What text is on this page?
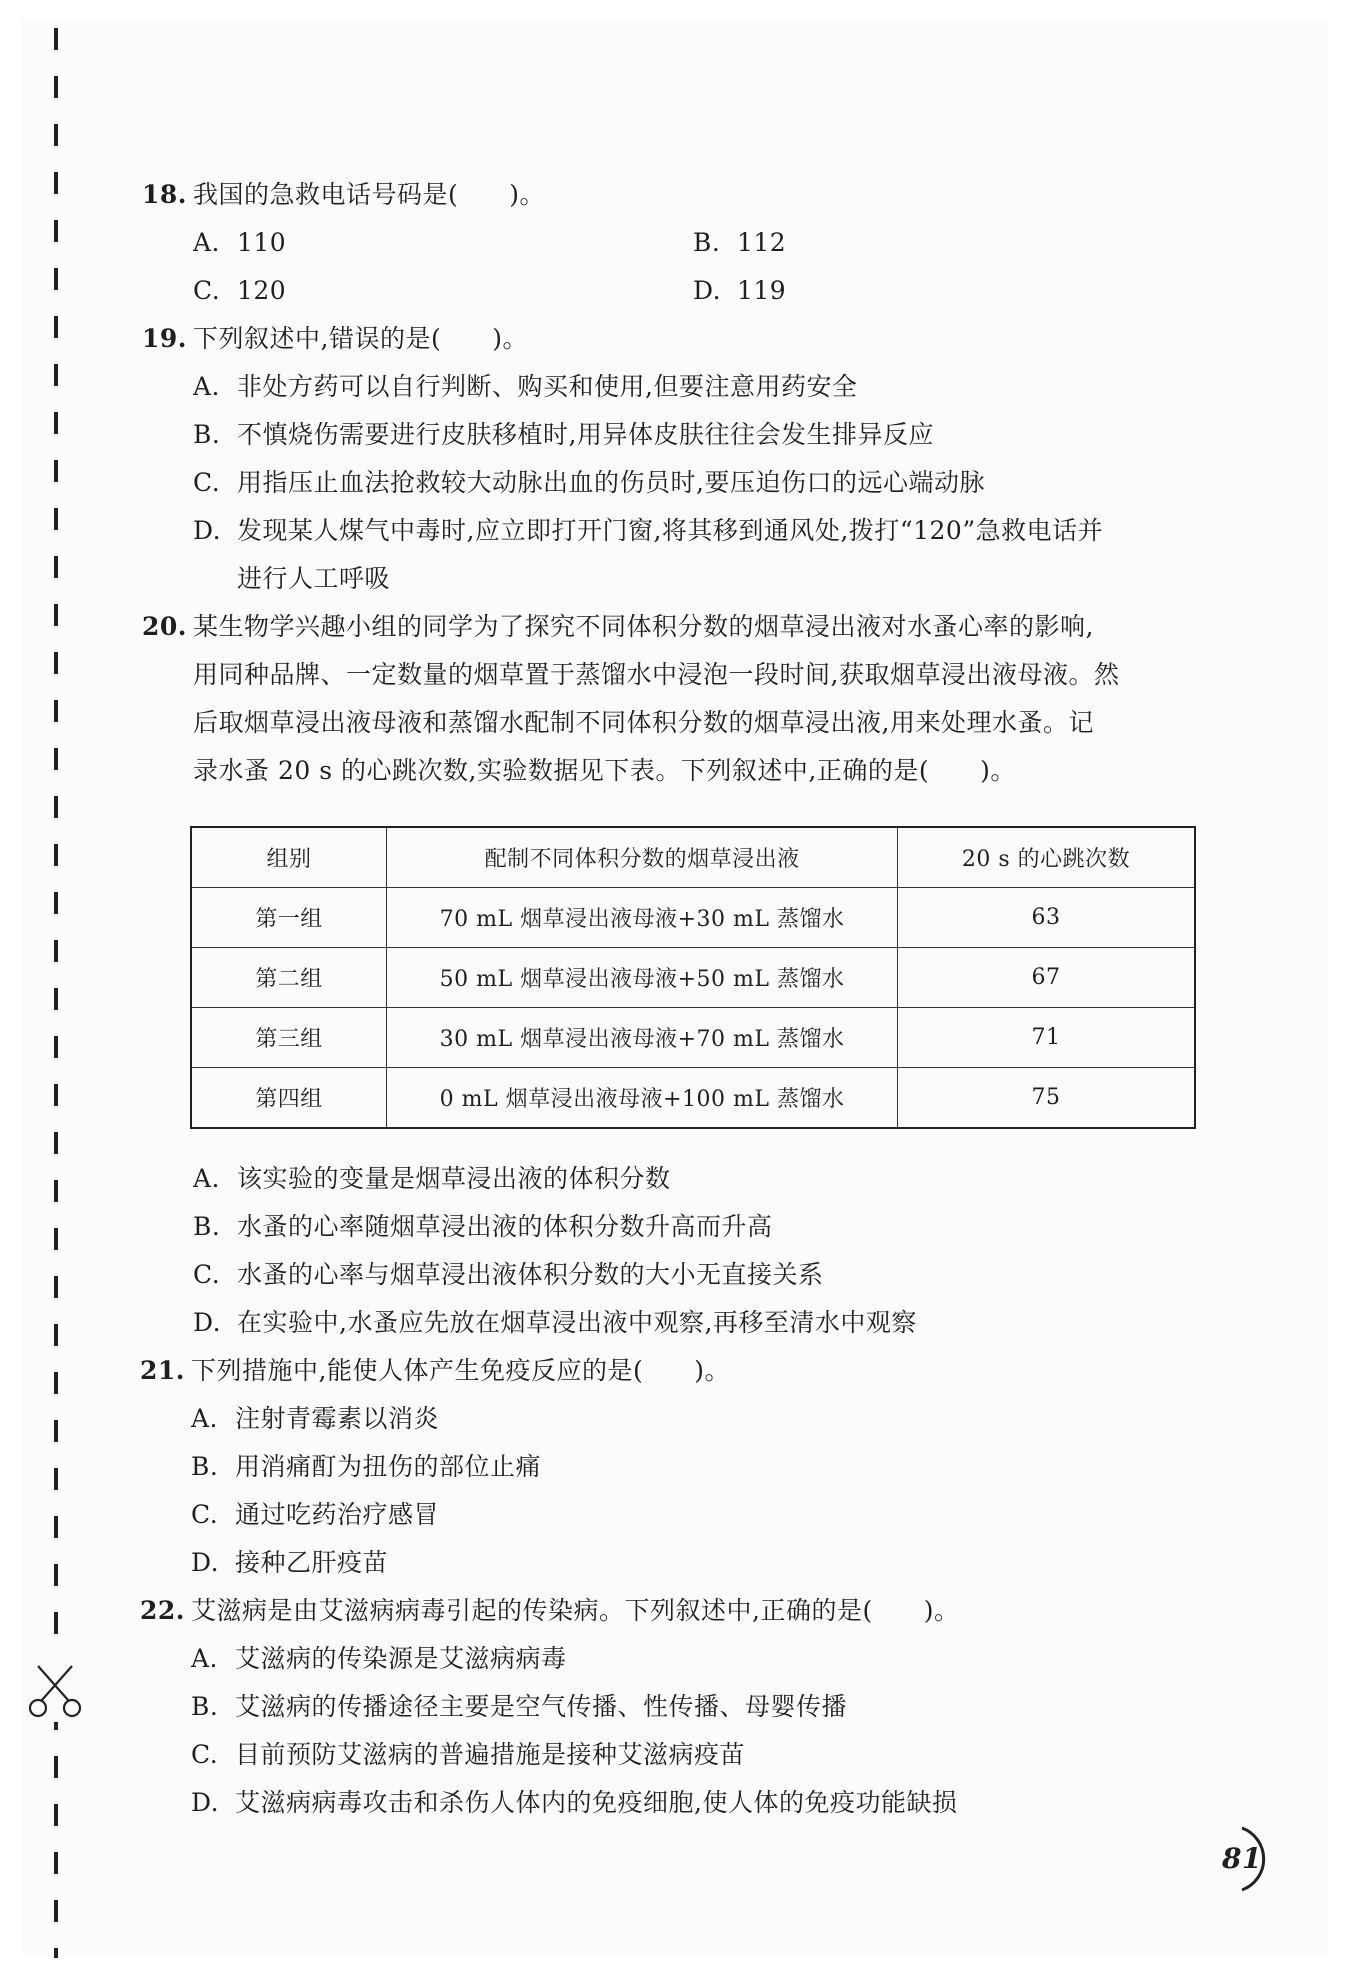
18. 我国的急救电话号码是(　　)。
A. 110	B. 112
C. 120	D. 119
19. 下列叙述中,错误的是(　　)。
A. 非处方药可以自行判断、购买和使用,但要注意用药安全
B. 不慎烧伤需要进行皮肤移植时,用异体皮肤往往会发生排异反应
C. 用指压止血法抢救较大动脉出血的伤员时,要压迫伤口的远心端动脉
D. 发现某人煤气中毒时,应立即打开门窗,将其移到通风处,拨打“120”急救电话并
进行人工呼吸
20. 某生物学兴趣小组的同学为了探究不同体积分数的烟草浸出液对水蚤心率的影响,
用同种品牌、一定数量的烟草置于蒸馏水中浸泡一段时间,获取烟草浸出液母液。然
后取烟草浸出液母液和蒸馏水配制不同体积分数的烟草浸出液,用来处理水蚤。记
录水蚤 20 s 的心跳次数,实验数据见下表。下列叙述中,正确的是(　　)。
组别	配制不同体积分数的烟草浸出液	20 s 的心跳次数
第一组	70 mL 烟草浸出液母液+30 mL 蒸馏水	63
第二组	50 mL 烟草浸出液母液+50 mL 蒸馏水	67
第三组	30 mL 烟草浸出液母液+70 mL 蒸馏水	71
第四组	0 mL 烟草浸出液母液+100 mL 蒸馏水	75
A. 该实验的变量是烟草浸出液的体积分数
B. 水蚤的心率随烟草浸出液的体积分数升高而升高
C. 水蚤的心率与烟草浸出液体积分数的大小无直接关系
D. 在实验中,水蚤应先放在烟草浸出液中观察,再移至清水中观察
21. 下列措施中,能使人体产生免疫反应的是(　　)。
A. 注射青霉素以消炎
B. 用消痛酊为扭伤的部位止痛
C. 通过吃药治疗感冒
D. 接种乙肝疫苗
22. 艾滋病是由艾滋病病毒引起的传染病。下列叙述中,正确的是(　　)。
A. 艾滋病的传染源是艾滋病病毒
B. 艾滋病的传播途径主要是空气传播、性传播、母婴传播
C. 目前预防艾滋病的普遍措施是接种艾滋病疫苗
D. 艾滋病病毒攻击和杀伤人体内的免疫细胞,使人体的免疫功能缺损
81
